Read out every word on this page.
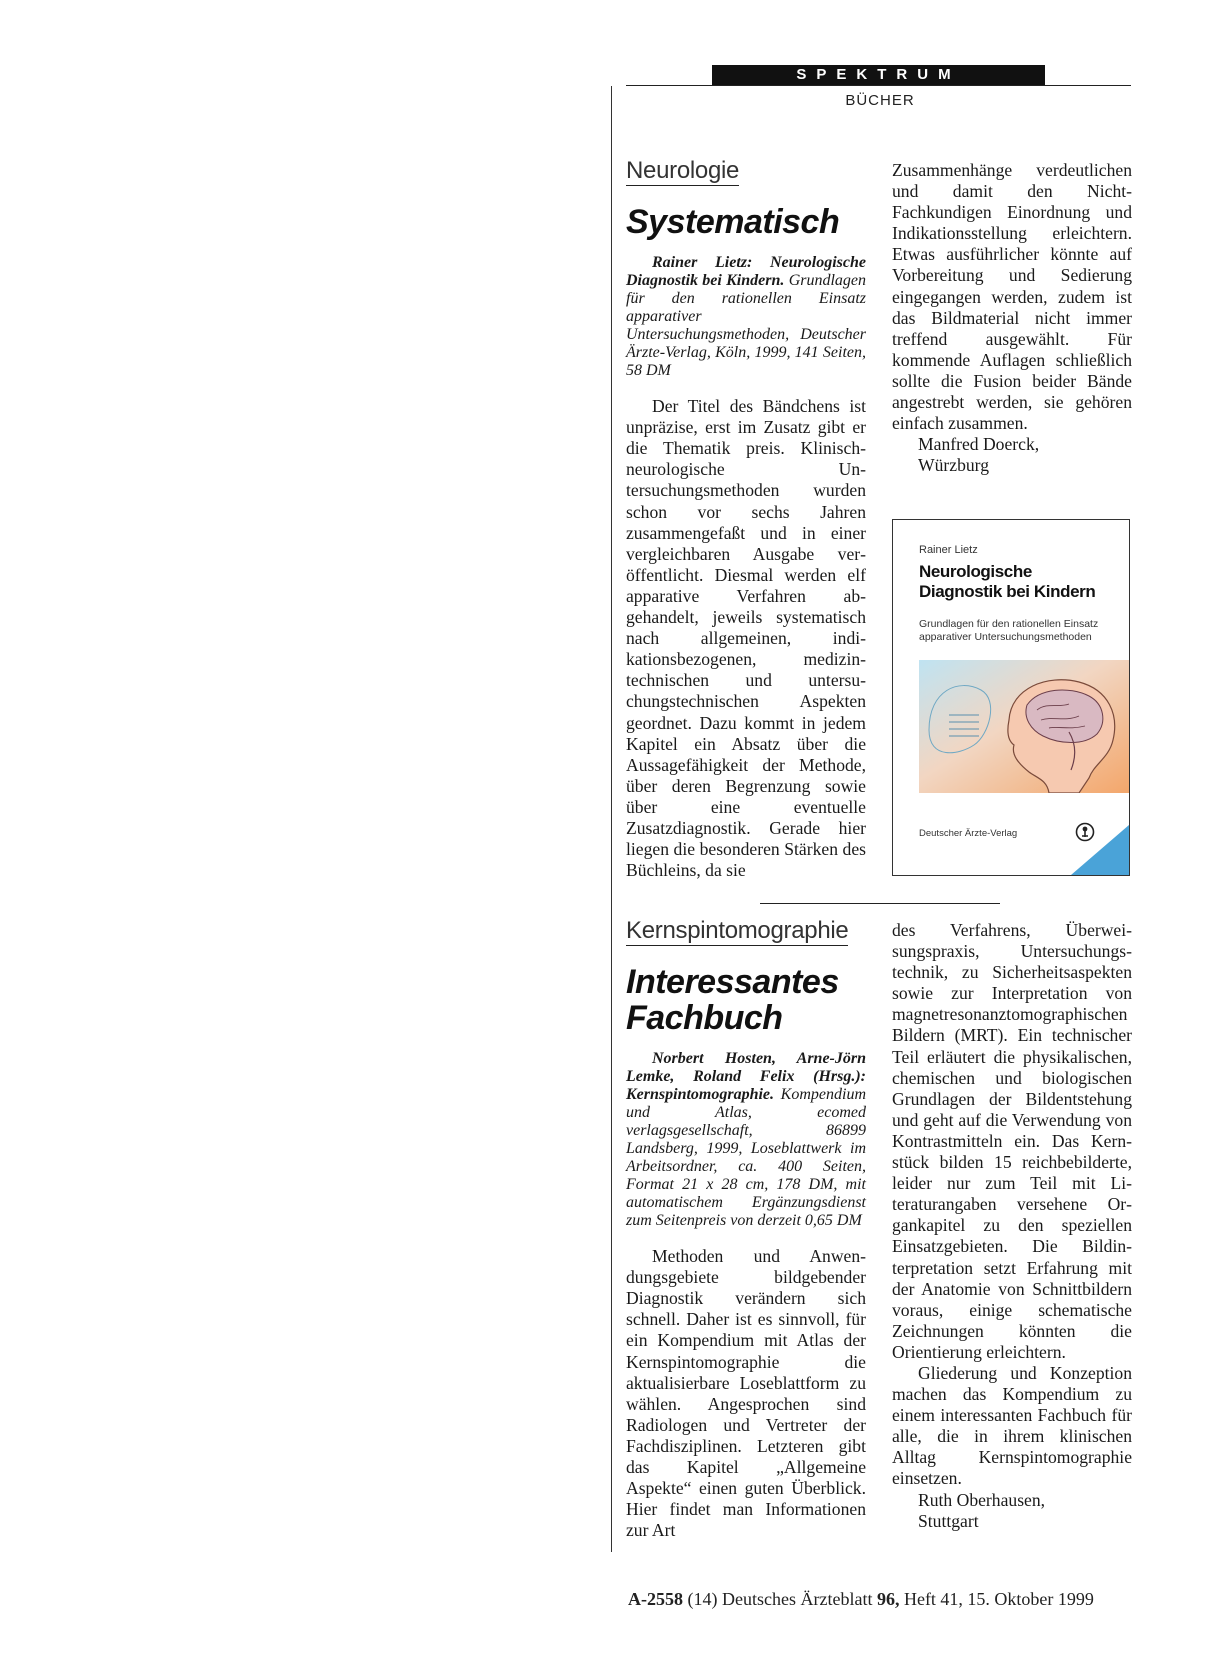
SPEKTRUM
BÜCHER
Neurologie
Systematisch

Rainer Lietz: Neurologische Diagnostik bei Kindern. Grundlagen für den rationellen Einsatz apparativer Untersuchungsmethoden, Deutscher Ärzte-Verlag, Köln, 1999, 141 Seiten, 58 DM

Der Titel des Bändchens ist unpräzise, erst im Zusatz gibt er die Thematik preis. Klinisch-neurologische Untersuchungsmethoden wurden schon vor sechs Jahren zusammengefaßt und in einer vergleichbaren Ausgabe veröffentlicht. Diesmal werden elf apparative Verfahren abgehandelt, jeweils systematisch nach allgemeinen, indikationsbezogenen, medizintechnischen und untersuchungstechnischen Aspekten geordnet. Dazu kommt in jedem Kapitel ein Absatz über die Aussagefähigkeit der Methode, über deren Begrenzung sowie über eine eventuelle Zusatzdiagnostik. Gerade hier liegen die besonderen Stärken des Büchleins, da sie

Zusammenhänge verdeutlichen und damit den Nicht-Fachkundigen Einordnung und Indikationsstellung erleichtern. Etwas ausführlicher könnte auf Vorbereitung und Sedierung eingegangen werden, zudem ist das Bildmaterial nicht immer treffend ausgewählt. Für kommende Auflagen schließlich sollte die Fusion beider Bände angestrebt werden, sie gehören einfach zusammen.

Manfred Doerck,

Würzburg

Rainer Lietz
Neurologische Diagnostik bei Kindern
Grundlagen für den rationellen Einsatz apparativer Untersuchungsmethoden
Deutscher Ärzte-Verlag
Kernspintomographie
Interessantes
Fachbuch

Norbert Hosten, Arne-Jörn Lemke, Roland Felix (Hrsg.): Kernspintomographie. Kompendium und Atlas, ecomed verlagsgesellschaft, 86899 Landsberg, 1999, Loseblattwerk im Arbeitsordner, ca. 400 Seiten, Format 21 x 28 cm, 178 DM, mit automatischem Ergänzungsdienst zum Seitenpreis von derzeit 0,65 DM

Methoden und Anwendungsgebiete bildgebender Diagnostik verändern sich schnell. Daher ist es sinnvoll, für ein Kompendium mit Atlas der Kernspintomographie die aktualisierbare Loseblattform zu wählen. Angesprochen sind Radiologen und Vertreter der Fachdisziplinen. Letzteren gibt das Kapitel „Allgemeine Aspekte“ einen guten Überblick. Hier findet man Informationen zur Art

des Verfahrens, Überweisungspraxis, Untersuchungstechnik, zu Sicherheitsaspekten sowie zur Interpretation von magnetresonanztomographischen Bildern (MRT). Ein technischer Teil erläutert die physikalischen, chemischen und biologischen Grundlagen der Bildentstehung und geht auf die Verwendung von Kontrastmitteln ein. Das Kernstück bilden 15 reichbebilderte, leider nur zum Teil mit Literaturangaben versehene Organkapitel zu den speziellen Einsatzgebieten. Die Bildinterpretation setzt Erfahrung mit der Anatomie von Schnittbildern voraus, einige schematische Zeichnungen könnten die Orientierung erleichtern.

Gliederung und Konzeption machen das Kompendium zu einem interessanten Fachbuch für alle, die in ihrem klinischen Alltag Kernspintomographie einsetzen.

Ruth Oberhausen,

Stuttgart

A-2558 (14) Deutsches Ärzteblatt 96, Heft 41, 15. Oktober 1999
